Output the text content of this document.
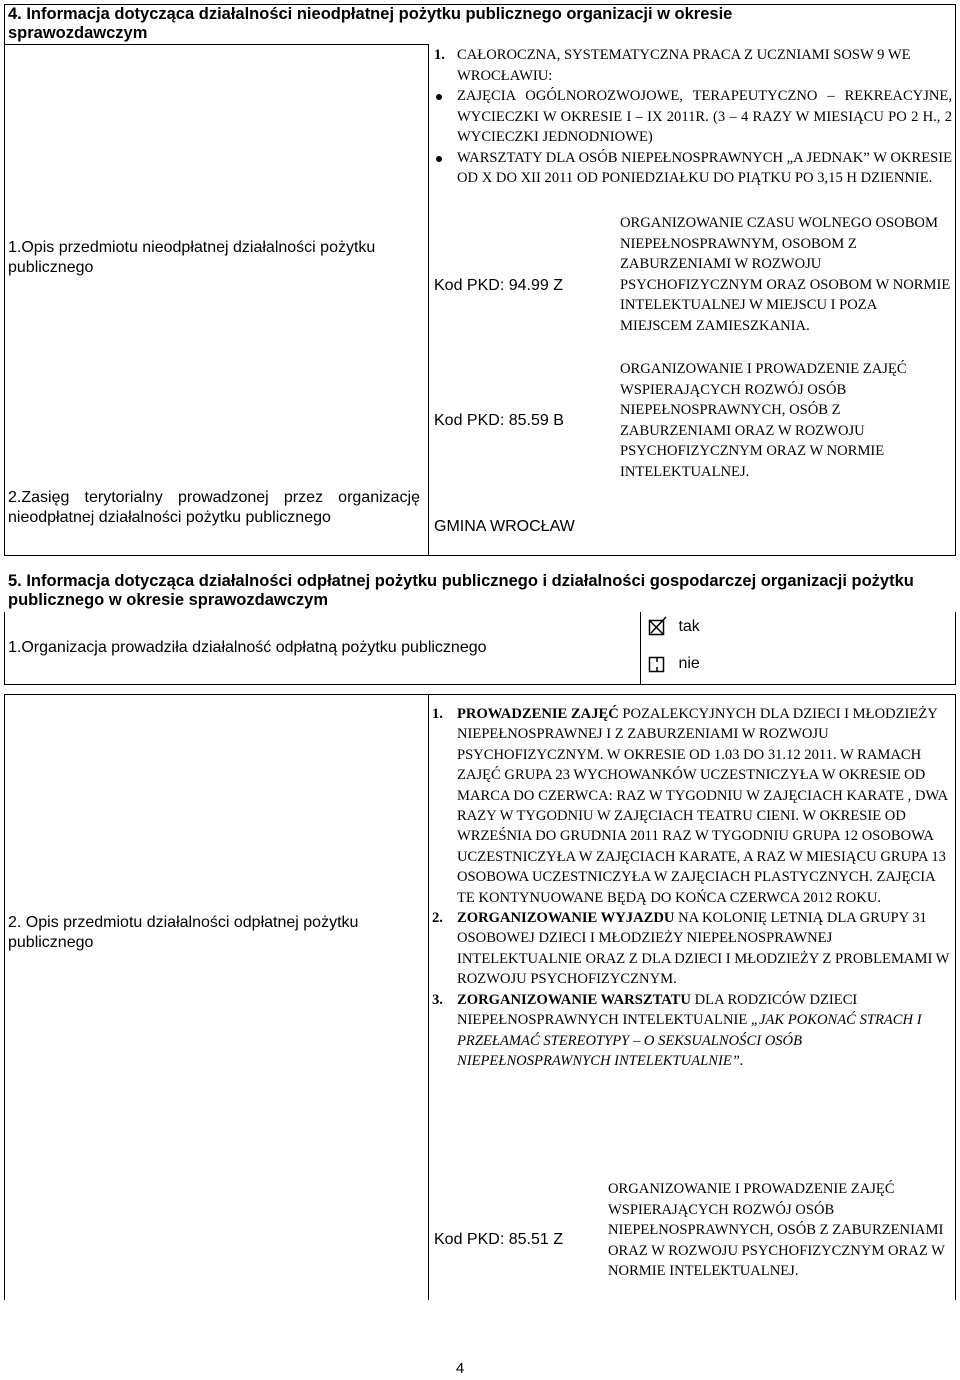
4. Informacja dotycząca działalności nieodpłatnej pożytku publicznego organizacji w okresie sprawozdawczym
1.Opis przedmiotu nieodpłatnej działalności pożytku publicznego
2.Zasięg terytorialny prowadzonej przez organizację nieodpłatnej działalności pożytku publicznego
1. CAŁOROCZNA, SYSTEMATYCZNA PRACA Z UCZNIAMI SOSW 9 WE WROCŁAWIU:
ZAJĘCIA OGÓLNOROZWOJOWE, TERAPEUTYCZNO – REKREACYJNE, WYCIECZKI W OKRESIE I – IX 2011R. (3 – 4 RAZY W MIESIĄCU PO 2 H., 2 WYCIECZKI JEDNODNIOWE)
WARSZTATY DLA OSÓB NIEPEŁNOSPRAWNYCH „A JEDNAK” W OKRESIE OD X DO XII 2011 OD PONIEDZIAŁKU DO PIĄTKU PO 3,15 H DZIENNIE.
Kod PKD: 94.99 Z
ORGANIZOWANIE CZASU WOLNEGO OSOBOM NIEPEŁNOSPRAWNYM, OSOBOM Z ZABURZENIAMI W ROZWOJU PSYCHOFIZYCZNYM ORAZ OSOBOM W NORMIE INTELEKTUALNEJ W MIEJSCU I POZA MIEJSCEM ZAMIESZKANIA.
Kod PKD: 85.59 B
ORGANIZOWANIE I PROWADZENIE ZAJĘĆ WSPIERAJĄCYCH ROZWÓJ OSÓB NIEPEŁNOSPRAWNYCH, OSÓB Z ZABURZENIAMI ORAZ W ROZWOJU PSYCHOFIZYCZNYM ORAZ W NORMIE INTELEKTUALNEJ.
GMINA WROCŁAW
5. Informacja dotycząca działalności odpłatnej pożytku publicznego i działalności gospodarczej organizacji pożytku publicznego w okresie sprawozdawczym
1.Organizacja prowadziła działalność odpłatną pożytku publicznego
tak
nie
2. Opis przedmiotu działalności odpłatnej pożytku publicznego
1. PROWADZENIE ZAJĘĆ POZALEKCYJNYCH DLA DZIECI I MŁODZIEŻY NIEPEŁNOSPRAWNEJ I Z ZABURZENIAMI W ROZWOJU PSYCHOFIZYCZNYM. W OKRESIE OD 1.03 DO 31.12 2011. W RAMACH ZAJĘĆ GRUPA 23 WYCHOWANKÓW UCZESTNICZYŁA W OKRESIE OD MARCA DO CZERWCA: RAZ W TYGODNIU W ZAJĘCIACH KARATE , DWA RAZY W TYGODNIU W ZAJĘCIACH TEATRU CIENI. W OKRESIE OD WRZEŚNIA DO GRUDNIA 2011 RAZ W TYGODNIU GRUPA 12 OSOBOWA UCZESTNICZYŁA W ZAJĘCIACH KARATE, A RAZ W MIESIĄCU GRUPA 13 OSOBOWA UCZESTNICZYŁA W ZAJĘCIACH PLASTYCZNYCH. ZAJĘCIA TE KONTYNUOWANE BĘDĄ DO KOŃCA CZERWCA 2012 ROKU.
2. ZORGANIZOWANIE WYJAZDU NA KOLONIĘ LETNIĄ DLA GRUPY 31 OSOBOWEJ DZIECI I MŁODZIEŻY NIEPEŁNOSPRAWNEJ INTELEKTUALNIE ORAZ Z DLA DZIECI I MŁODZIEŻY Z PROBLEMAMI W ROZWOJU PSYCHOFIZYCZNYM.
3. ZORGANIZOWANIE WARSZTATU DLA RODZICÓW DZIECI NIEPEŁNOSPRAWNYCH INTELEKTUALNIE „JAK POKONAĆ STRACH I PRZEŁAMAĆ STEREOTYPY – O SEKSUALNOŚCI OSÓB NIEPEŁNOSPRAWNYCH INTELEKTUALNIE”.
Kod PKD: 85.51 Z
ORGANIZOWANIE I PROWADZENIE ZAJĘĆ WSPIERAJĄCYCH ROZWÓJ OSÓB NIEPEŁNOSPRAWNYCH, OSÓB Z ZABURZENIAMI ORAZ W ROZWOJU PSYCHOFIZYCZNYM ORAZ W NORMIE INTELEKTUALNEJ.
4
